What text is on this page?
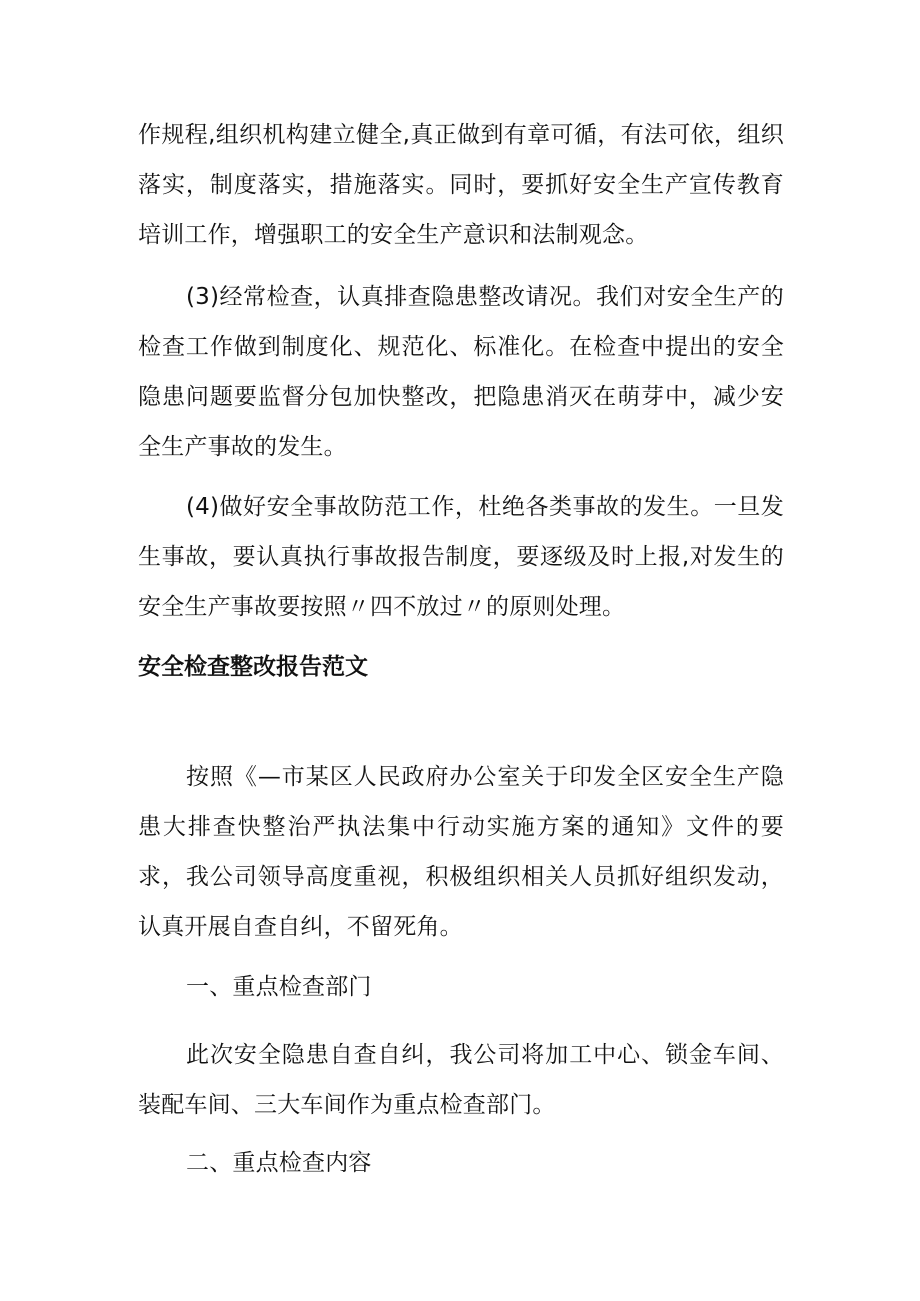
作规程,组织机构建立健全,真正做到有章可循，有法可依，组织落实，制度落实，措施落实。同时，要抓好安全生产宣传教育培训工作，增强职工的安全生产意识和法制观念。

(3)经常检查，认真排查隐患整改请况。我们对安全生产的检查工作做到制度化、规范化、标准化。在检查中提出的安全隐患问题要监督分包加快整改，把隐患消灭在萌芽中，减少安全生产事故的发生。

(4)做好安全事故防范工作，杜绝各类事故的发生。一旦发生事故，要认真执行事故报告制度，要逐级及时上报,对发生的安全生产事故要按照〃四不放过〃的原则处理。

安全检查整改报告范文

按照《—市某区人民政府办公室关于印发全区安全生产隐患大排查快整治严执法集中行动实施方案的通知》文件的要求，我公司领导高度重视，积极组织相关人员抓好组织发动，认真开展自查自纠，不留死角。

一、重点检查部门

此次安全隐患自查自纠，我公司将加工中心、锁金车间、装配车间、三大车间作为重点检查部门。

二、重点检查内容
